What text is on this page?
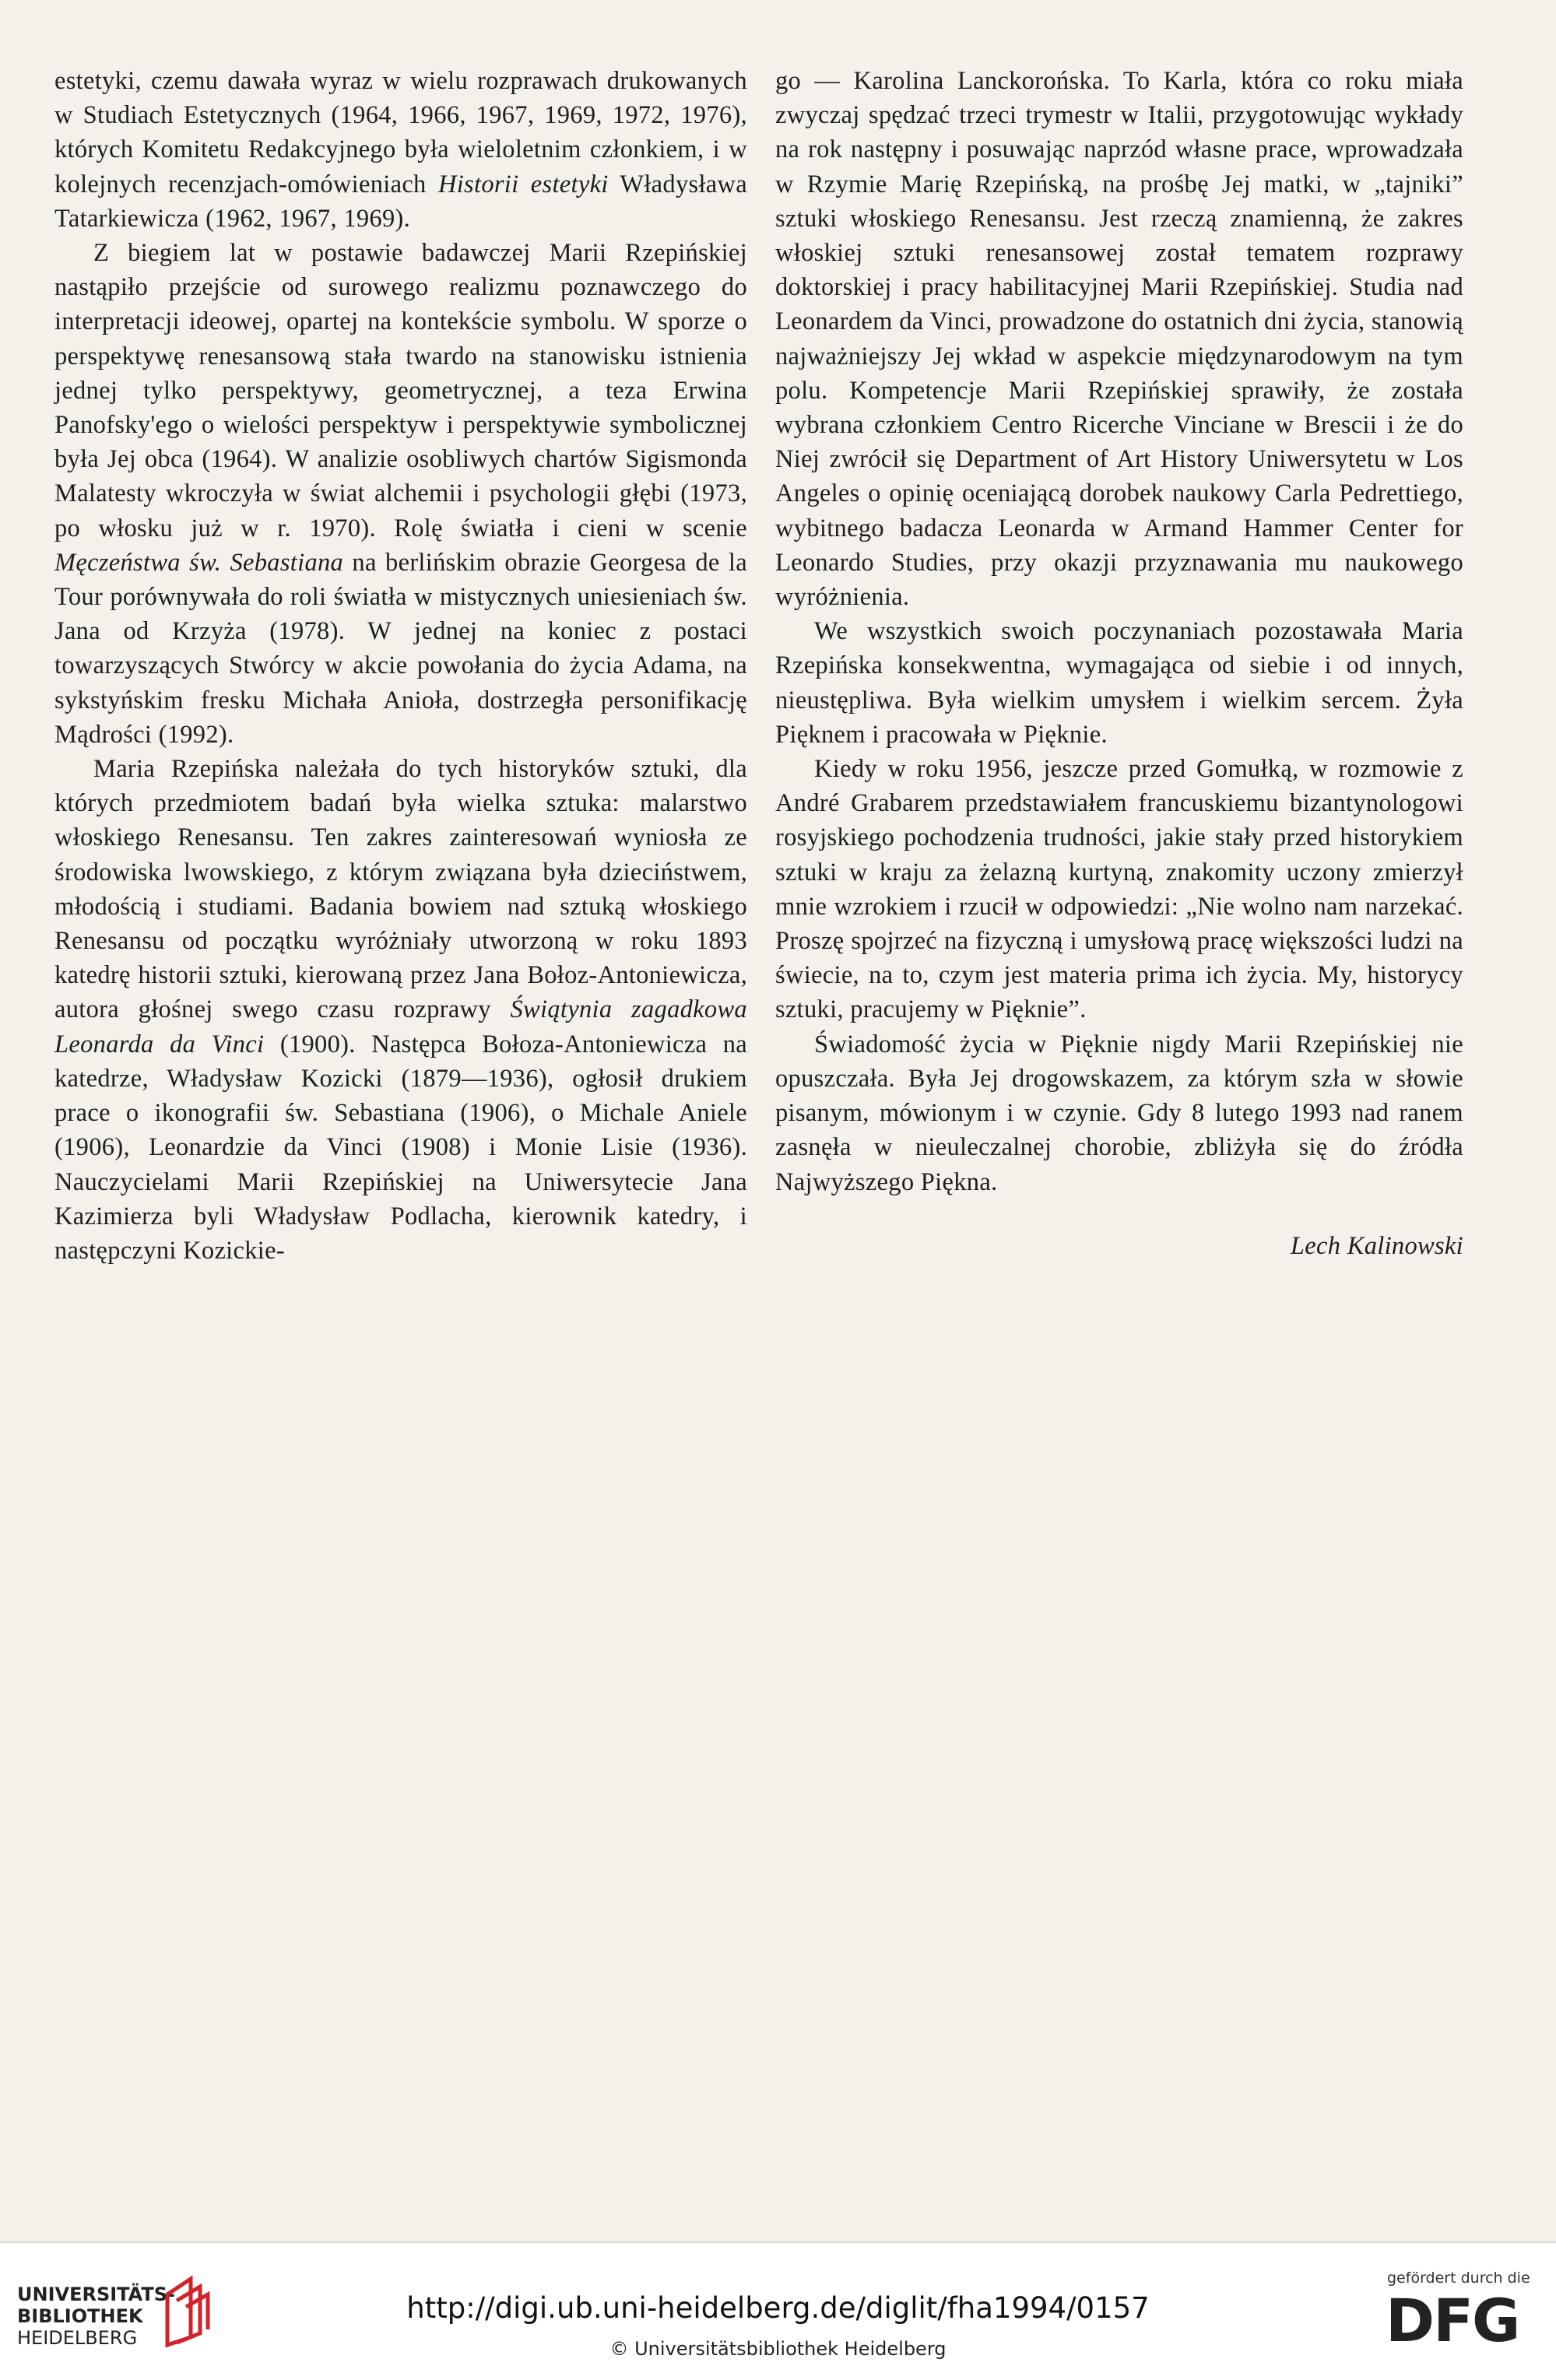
estetyki, czemu dawała wyraz w wielu rozprawach drukowanych w Studiach Estetycznych (1964, 1966, 1967, 1969, 1972, 1976), których Komitetu Redakcyjnego była wieloletnim członkiem, i w kolejnych recenzjach-omówieniach Historii estetyki Władysława Tatarkiewicza (1962, 1967, 1969).

Z biegiem lat w postawie badawczej Marii Rzepińskiej nastąpiło przejście od surowego realizmu poznawczego do interpretacji ideowej, opartej na kontekście symbolu. W sporze o perspektywę renesansową stała twardo na stanowisku istnienia jednej tylko perspektywy, geometrycznej, a teza Erwina Panofsky'ego o wielości perspektyw i perspektywie symbolicznej była Jej obca (1964). W analizie osobliwych chartów Sigismonda Malatesty wkroczyła w świat alchemii i psychologii głębi (1973, po włosku już w r. 1970). Rolę światła i cieni w scenie Męczeństwa św. Sebastiana na berlińskim obrazie Georgesa de la Tour porównywała do roli światła w mistycznych uniesieniach św. Jana od Krzyża (1978). W jednej na koniec z postaci towarzyszących Stwórcy w akcie powołania do życia Adama, na sykstyńskim fresku Michała Anioła, dostrzegła personifikację Mądrości (1992).

Maria Rzepińska należała do tych historyków sztuki, dla których przedmiotem badań była wielka sztuka: malarstwo włoskiego Renesansu. Ten zakres zainteresowań wyniosła ze środowiska lwowskiego, z którym związana była dzieciństwem, młodością i studiami. Badania bowiem nad sztuką włoskiego Renesansu od początku wyróżniały utworzoną w roku 1893 katedrę historii sztuki, kierowaną przez Jana Bołoz-Antoniewicza, autora głośnej swego czasu rozprawy Świątynia zagadkowa Leonarda da Vinci (1900). Następca Bołoza-Antoniewicza na katedrze, Władysław Kozicki (1879—1936), ogłosił drukiem prace o ikonografii św. Sebastiana (1906), o Michale Aniele (1906), Leonardzie da Vinci (1908) i Monie Lisie (1936). Nauczycielami Marii Rzepińskiej na Uniwersytecie Jana Kazimierza byli Władysław Podlacha, kierownik katedry, i następczyni Kozickie-

go — Karolina Lanckorońska. To Karla, która co roku miała zwyczaj spędzać trzeci trymestr w Italii, przygotowując wykłady na rok następny i posuwając naprzód własne prace, wprowadzała w Rzymie Marię Rzepińską, na prośbę Jej matki, w „tajniki” sztuki włoskiego Renesansu. Jest rzeczą znamienną, że zakres włoskiej sztuki renesansowej został tematem rozprawy doktorskiej i pracy habilitacyjnej Marii Rzepińskiej. Studia nad Leonardem da Vinci, prowadzone do ostatnich dni życia, stanowią najważniejszy Jej wkład w aspekcie międzynarodowym na tym polu. Kompetencje Marii Rzepińskiej sprawiły, że została wybrana członkiem Centro Ricerche Vinciane w Brescii i że do Niej zwrócił się Department of Art History Uniwersytetu w Los Angeles o opinię oceniającą dorobek naukowy Carla Pedrettiego, wybitnego badacza Leonarda w Armand Hammer Center for Leonardo Studies, przy okazji przyznawania mu naukowego wyróżnienia.

We wszystkich swoich poczynaniach pozostawała Maria Rzepińska konsekwentna, wymagająca od siebie i od innych, nieustępliwa. Była wielkim umysłem i wielkim sercem. Żyła Pięknem i pracowała w Pięknie.

Kiedy w roku 1956, jeszcze przed Gomułką, w rozmowie z André Grabarem przedstawiałem francuskiemu bizantynologowi rosyjskiego pochodzenia trudności, jakie stały przed historykiem sztuki w kraju za żelazną kurtyną, znakomity uczony zmierzył mnie wzrokiem i rzucił w odpowiedzi: „Nie wolno nam narzekać. Proszę spojrzeć na fizyczną i umysłową pracę większości ludzi na świecie, na to, czym jest materia prima ich życia. My, historycy sztuki, pracujemy w Pięknie”.

Świadomość życia w Pięknie nigdy Marii Rzepińskiej nie opuszczała. Była Jej drogowskazem, za którym szła w słowie pisanym, mówionym i w czynie. Gdy 8 lutego 1993 nad ranem zasnęła w nieuleczalnej chorobie, zbliżyła się do źródła Najwyższego Piękna.

Lech Kalinowski

UNIVERSITÄTS-
BIBLIOTHEK
HEIDELBERG
http://digi.ub.uni-heidelberg.de/diglit/fha1994/0157
© Universitätsbibliothek Heidelberg
gefördert durch die
DFG
